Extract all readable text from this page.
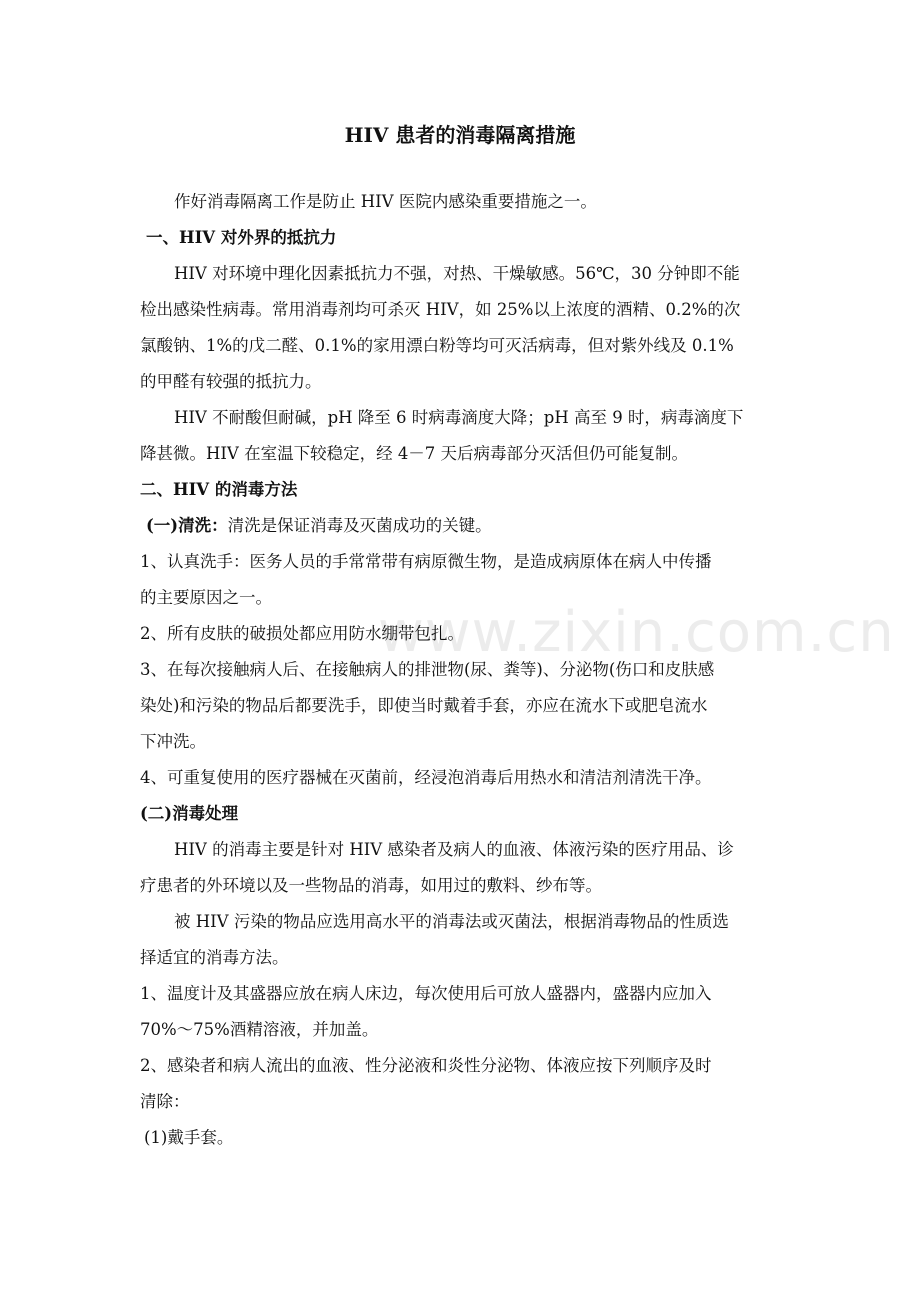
www.zixin.com.cn
HIV 患者的消毒隔离措施

作好消毒隔离工作是防止 HIV 医院内感染重要措施之一。

一、HIV 对外界的抵抗力

HIV 对环境中理化因素抵抗力不强，对热、干燥敏感。56℃，30 分钟即不能

检出感染性病毒。常用消毒剂均可杀灭 HIV，如 25%以上浓度的酒精、0.2%的次

氯酸钠、1%的戊二醛、0.1%的家用漂白粉等均可灭活病毒，但对紫外线及 0.1%

的甲醛有较强的抵抗力。

HIV 不耐酸但耐碱，pH 降至 6 时病毒滴度大降；pH 高至 9 时，病毒滴度下

降甚微。HIV 在室温下较稳定，经 4－7 天后病毒部分灭活但仍可能复制。

二、HIV 的消毒方法

(一)清洗：清洗是保证消毒及灭菌成功的关键。

1、认真洗手：医务人员的手常常带有病原微生物，是造成病原体在病人中传播

的主要原因之一。

2、所有皮肤的破损处都应用防水绷带包扎。

3、在每次接触病人后、在接触病人的排泄物(尿、粪等)、分泌物(伤口和皮肤感

染处)和污染的物品后都要洗手，即使当时戴着手套，亦应在流水下或肥皂流水

下冲洗。

4、可重复使用的医疗器械在灭菌前，经浸泡消毒后用热水和清洁剂清洗干净。

(二)消毒处理

HIV 的消毒主要是针对 HIV 感染者及病人的血液、体液污染的医疗用品、诊

疗患者的外环境以及一些物品的消毒，如用过的敷料、纱布等。

被 HIV 污染的物品应选用高水平的消毒法或灭菌法，根据消毒物品的性质选

择适宜的消毒方法。

1、温度计及其盛器应放在病人床边，每次使用后可放人盛器内，盛器内应加入

70%～75%酒精溶液，并加盖。

2、感染者和病人流出的血液、性分泌液和炎性分泌物、体液应按下列顺序及时

清除：

(1)戴手套。
